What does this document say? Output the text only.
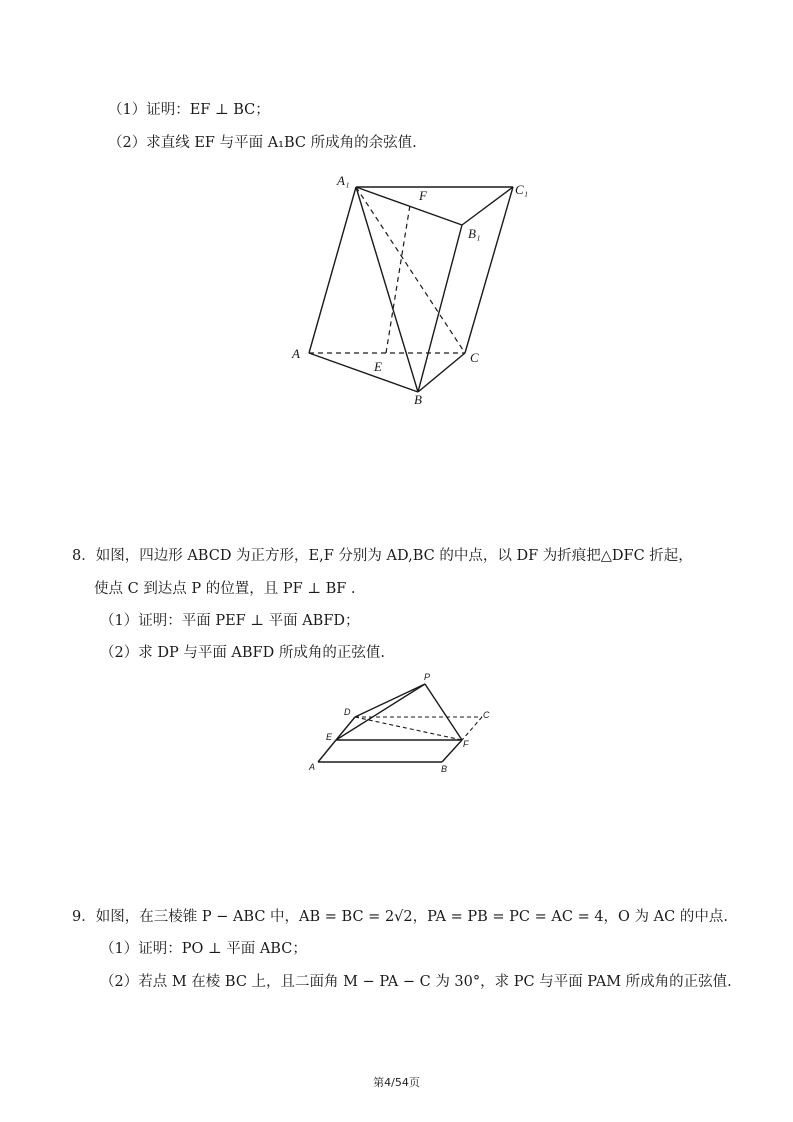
（1）证明：EF ⊥ BC；
（2）求直线 EF 与平面 A₁BC 所成角的余弦值.
A₁
F	C₁
B₁
A	C
E
B
8．如图，四边形 ABCD 为正方形，E,F 分别为 AD,BC 的中点，以 DF 为折痕把△DFC 折起，
使点 C 到达点 P 的位置，且 PF ⊥ BF .
（1）证明：平面 PEF ⊥ 平面 ABFD；
（2）求 DP 与平面 ABFD 所成角的正弦值.
P
D	C
E
F
A	B
9．如图，在三棱锥 P − ABC 中，AB = BC = 2√2，PA = PB = PC = AC = 4，O 为 AC 的中点.
（1）证明：PO ⊥ 平面 ABC；
（2）若点 M 在棱 BC 上，且二面角 M − PA − C 为 30°，求 PC 与平面 PAM 所成角的正弦值.
第4/54页
